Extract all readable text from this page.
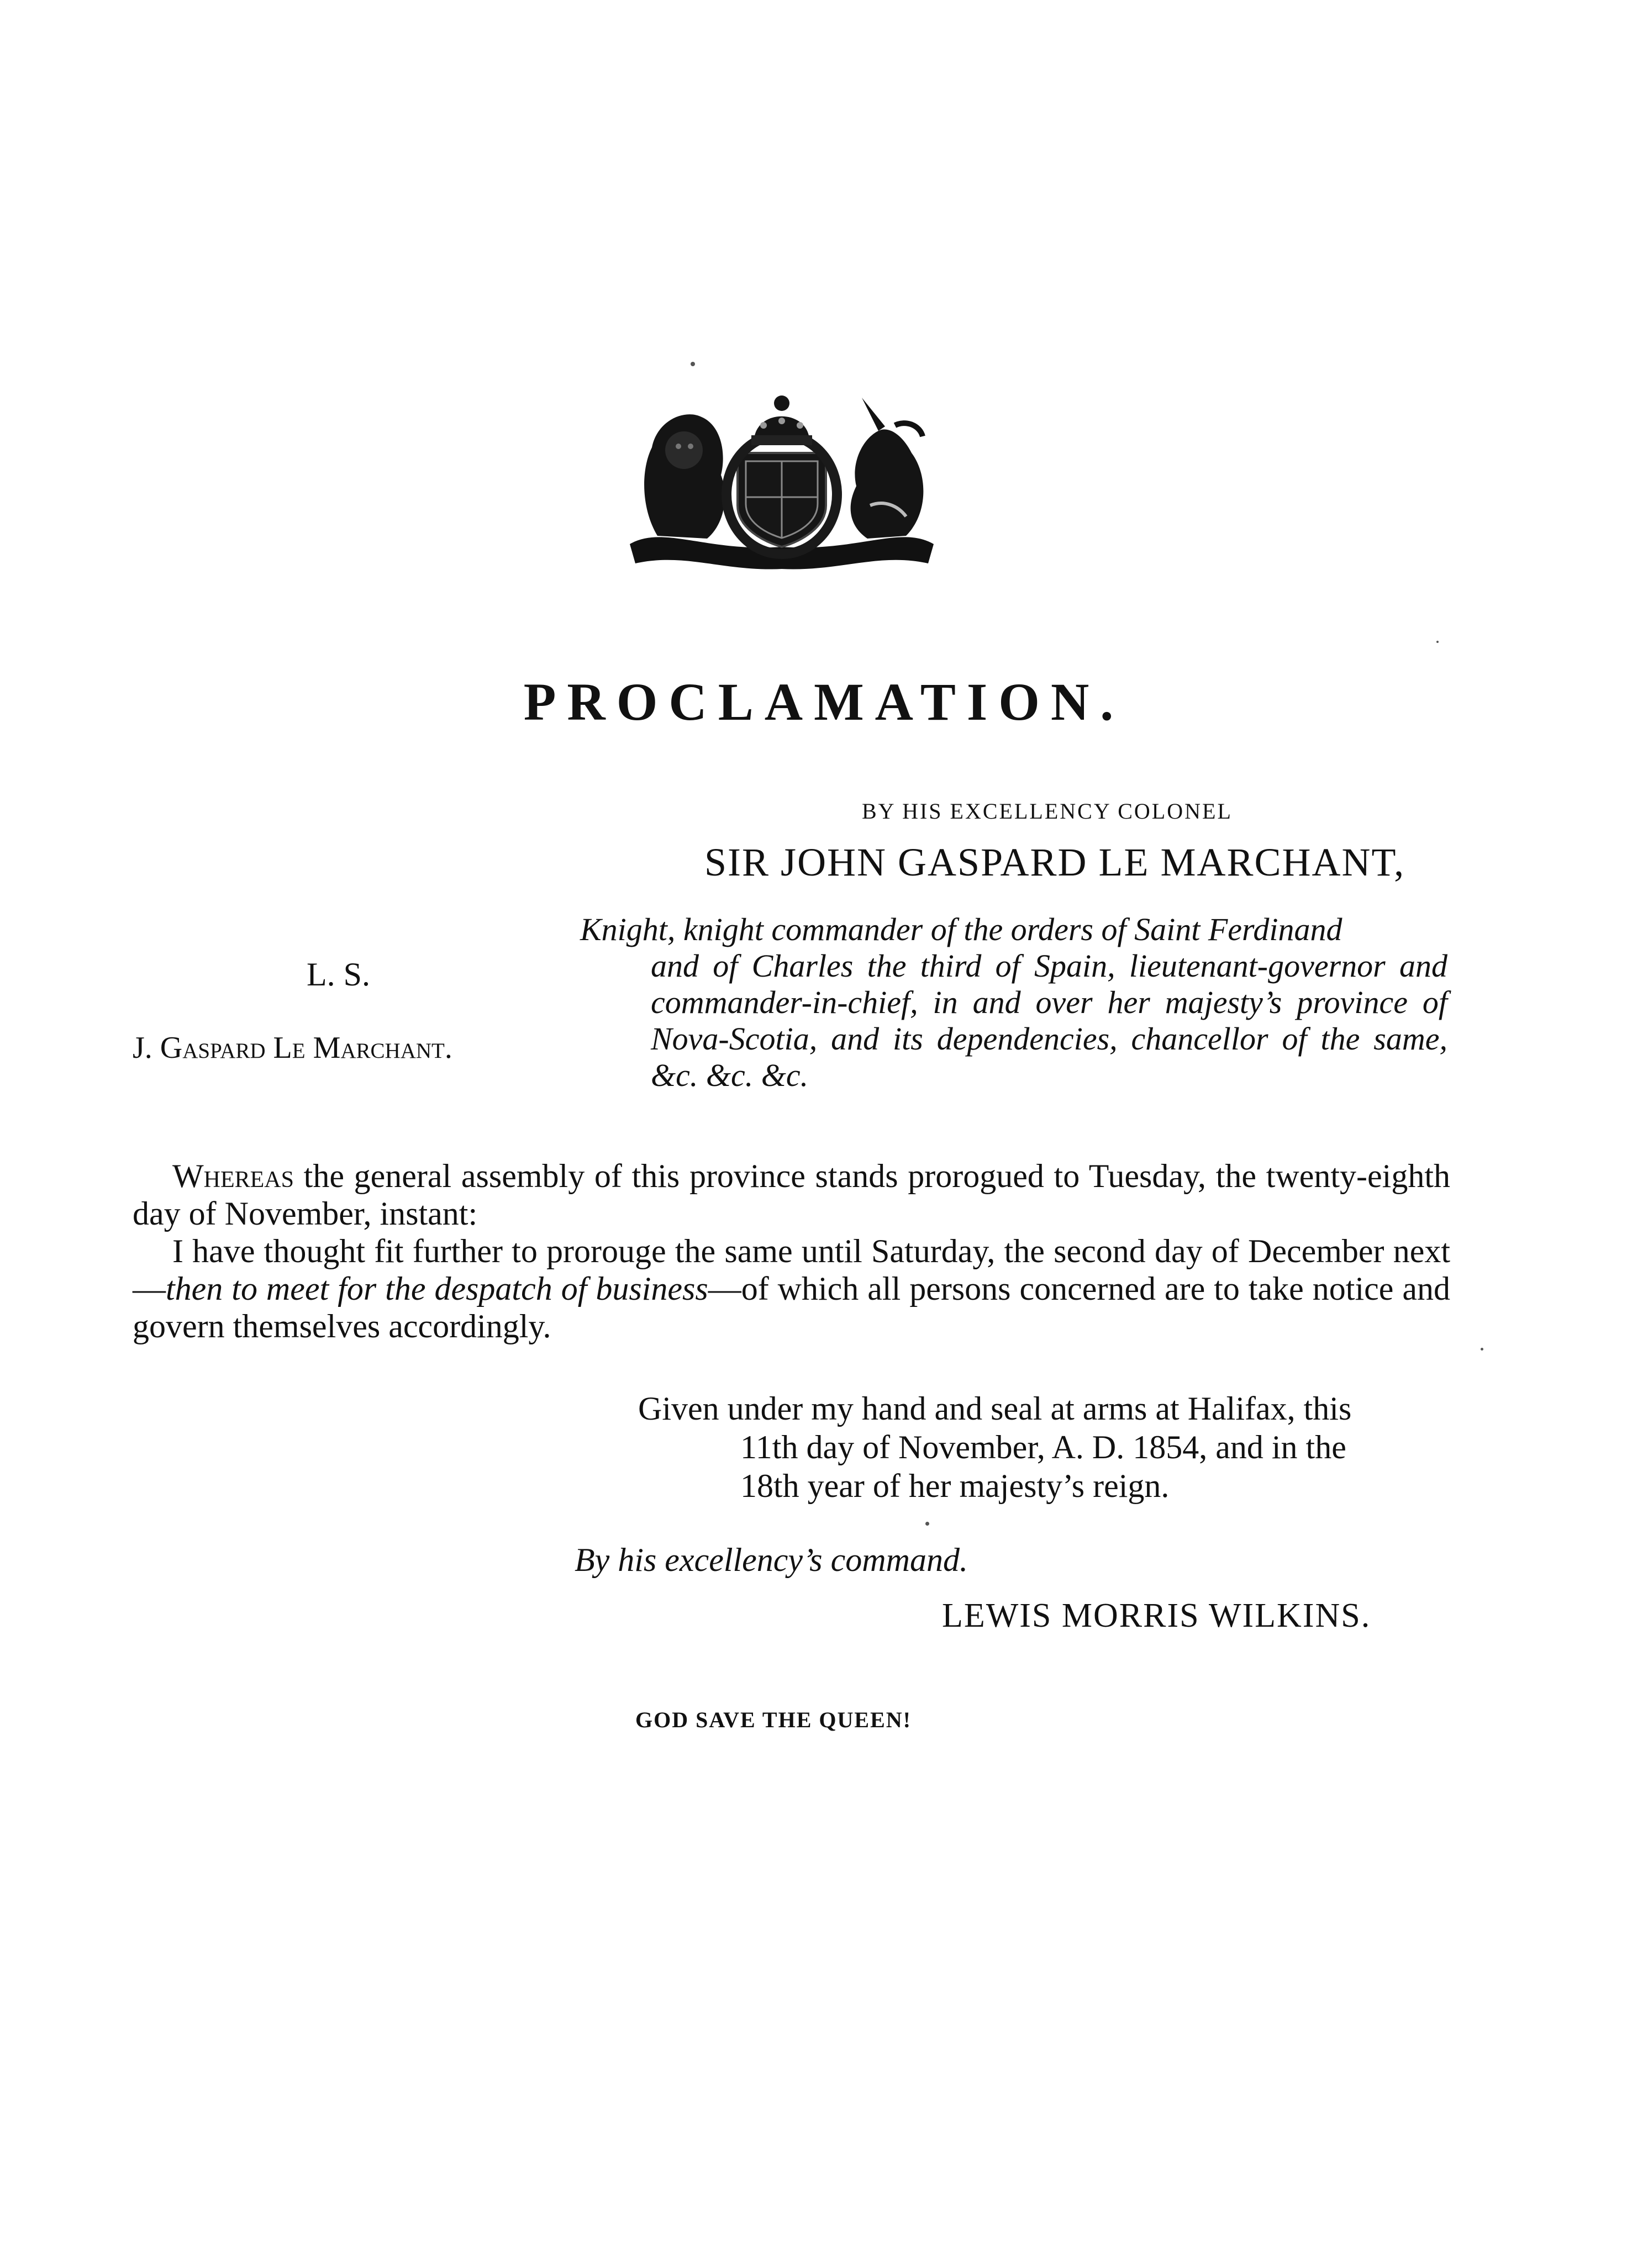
PROCLAMATION.
BY HIS EXCELLENCY COLONEL
SIR JOHN GASPARD LE MARCHANT,
Knight, knight commander of the orders of Saint Ferdinand
and of Charles the third of Spain, lieutenant-governor and commander-in-chief, in and over her majesty’s province of Nova-Scotia, and its dependencies, chancellor of the same, &c. &c. &c.
L. S.
J. Gaspard Le Marchant.

Whereas the general assembly of this province stands prorogued to Tuesday, the twenty-eighth day of November, instant:

I have thought fit further to prorouge the same until Saturday, the second day of December next—then to meet for the despatch of business—of which all persons concerned are to take notice and govern themselves accordingly.

Given under my hand and seal at arms at Halifax, this
11th day of November, A. D. 1854, and in the
18th year of her majesty’s reign.
By his excellency’s command.
LEWIS MORRIS WILKINS.
GOD SAVE THE QUEEN!
